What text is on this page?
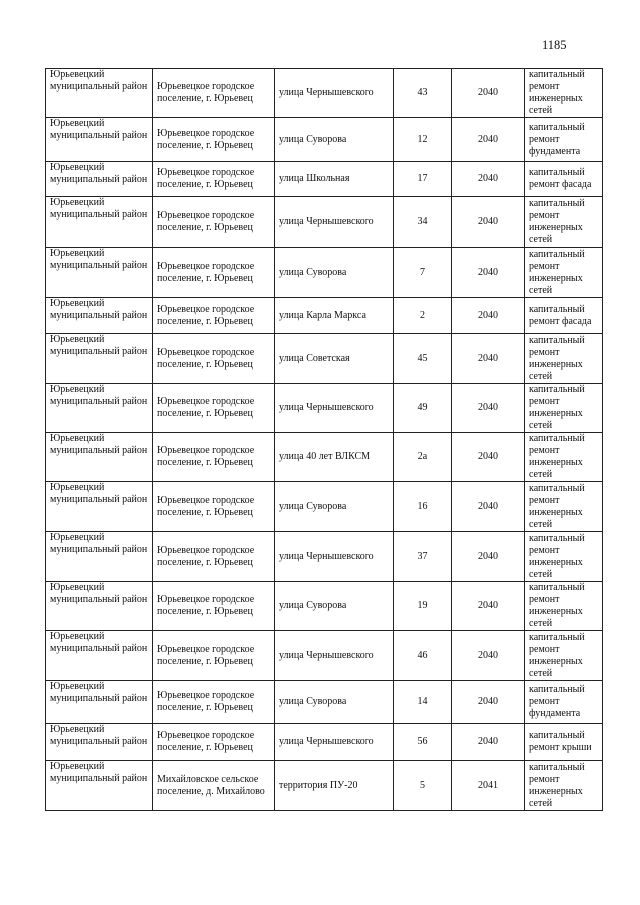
1185
Юрьевецкий муниципальный район	Юрьевецкое городское поселение, г. Юрьевец	улица Чернышевского	43	2040	капитальный ремонт инженерных сетей
Юрьевецкий муниципальный район	Юрьевецкое городское поселение, г. Юрьевец	улица Суворова	12	2040	капитальный ремонт фундамента
Юрьевецкий муниципальный район	Юрьевецкое городское поселение, г. Юрьевец	улица Школьная	17	2040	капитальный ремонт фасада
Юрьевецкий муниципальный район	Юрьевецкое городское поселение, г. Юрьевец	улица Чернышевского	34	2040	капитальный ремонт инженерных сетей
Юрьевецкий муниципальный район	Юрьевецкое городское поселение, г. Юрьевец	улица Суворова	7	2040	капитальный ремонт инженерных сетей
Юрьевецкий муниципальный район	Юрьевецкое городское поселение, г. Юрьевец	улица Карла Маркса	2	2040	капитальный ремонт фасада
Юрьевецкий муниципальный район	Юрьевецкое городское поселение, г. Юрьевец	улица Советская	45	2040	капитальный ремонт инженерных сетей
Юрьевецкий муниципальный район	Юрьевецкое городское поселение, г. Юрьевец	улица Чернышевского	49	2040	капитальный ремонт инженерных сетей
Юрьевецкий муниципальный район	Юрьевецкое городское поселение, г. Юрьевец	улица 40 лет ВЛКСМ	2а	2040	капитальный ремонт инженерных сетей
Юрьевецкий муниципальный район	Юрьевецкое городское поселение, г. Юрьевец	улица Суворова	16	2040	капитальный ремонт инженерных сетей
Юрьевецкий муниципальный район	Юрьевецкое городское поселение, г. Юрьевец	улица Чернышевского	37	2040	капитальный ремонт инженерных сетей
Юрьевецкий муниципальный район	Юрьевецкое городское поселение, г. Юрьевец	улица Суворова	19	2040	капитальный ремонт инженерных сетей
Юрьевецкий муниципальный район	Юрьевецкое городское поселение, г. Юрьевец	улица Чернышевского	46	2040	капитальный ремонт инженерных сетей
Юрьевецкий муниципальный район	Юрьевецкое городское поселение, г. Юрьевец	улица Суворова	14	2040	капитальный ремонт фундамента
Юрьевецкий муниципальный район	Юрьевецкое городское поселение, г. Юрьевец	улица Чернышевского	56	2040	капитальный ремонт крыши
Юрьевецкий муниципальный район	Михайловское сельское поселение, д. Михайлово	территория ПУ-20	5	2041	капитальный ремонт инженерных сетей
